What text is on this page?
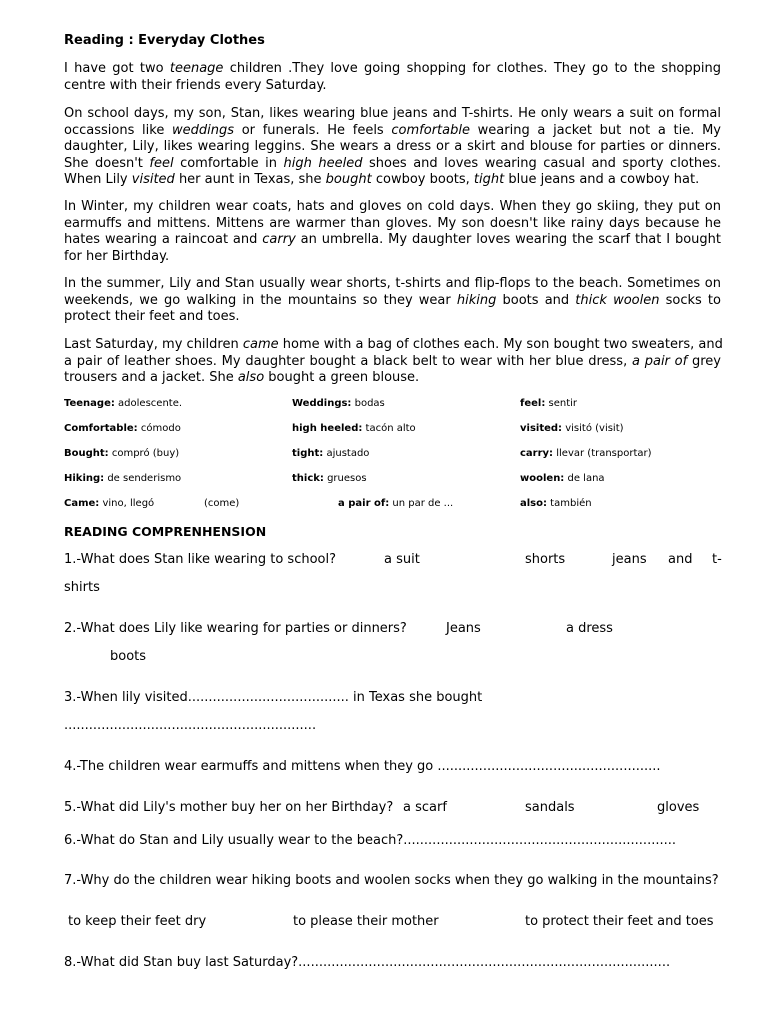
Reading : Everyday Clothes
I have got two teenage children .They love going shopping for clothes. They go to the shopping
centre with their friends every Saturday.
On school days, my son, Stan, likes wearing blue jeans and T-shirts. He only wears a suit on formal
occassions like weddings or funerals. He feels comfortable wearing a jacket but not a tie. My
daughter, Lily, likes wearing leggins. She wears a dress or a skirt and blouse for parties or dinners.
She doesn't feel comfortable in high heeled shoes and loves wearing casual and sporty clothes.
When Lily visited her aunt in Texas, she bought cowboy boots, tight blue jeans and a cowboy hat.
In Winter, my children wear coats, hats and gloves on cold days. When they go skiing, they put on
earmuffs and mittens. Mittens are warmer than gloves. My son doesn't like rainy days because he
hates wearing a raincoat and carry an umbrella. My daughter loves wearing the scarf that I bought
for her Birthday.
In the summer, Lily and Stan usually wear shorts, t-shirts and flip-flops to the beach. Sometimes on
weekends, we go walking in the mountains so they wear hiking boots and thick woolen socks to
protect their feet and toes.
Last Saturday, my children came home with a bag of clothes each. My son bought two sweaters, and
a pair of leather shoes. My daughter bought a black belt to wear with her blue dress, a pair of grey
trousers and a jacket. She also bought a green blouse.
Teenage: adolescente.	Weddings: bodas	feel: sentir
Comfortable: cómodo	high heeled: tacón alto	visited: visitó (visit)
Bought: compró (buy)	tight: ajustado	carry: llevar (transportar)
Hiking: de senderismo	thick: gruesos	woolen: de lana
Came: vino, llegó	(come)	a pair of: un par de ...	also: también
READING COMPRENHENSION
1.-What does Stan like wearing to school?	a suit	shorts	jeans and t-
shirts
2.-What does Lily like wearing for parties or dinners?	Jeans	a dress
boots
3.-When lily visited....................................... in Texas she bought
.............................................................
4.-The children wear earmuffs and mittens when they go ......................................................
5.-What did Lily's mother buy her on her Birthday? a scarf	sandals	gloves
6.-What do Stan and Lily usually wear to the beach?..................................................................
7.-Why do the children wear hiking boots and woolen socks when they go walking in the mountains?
to keep their feet dry	to please their mother	to protect their feet and toes
8.-What did Stan buy last Saturday?..........................................................................................
